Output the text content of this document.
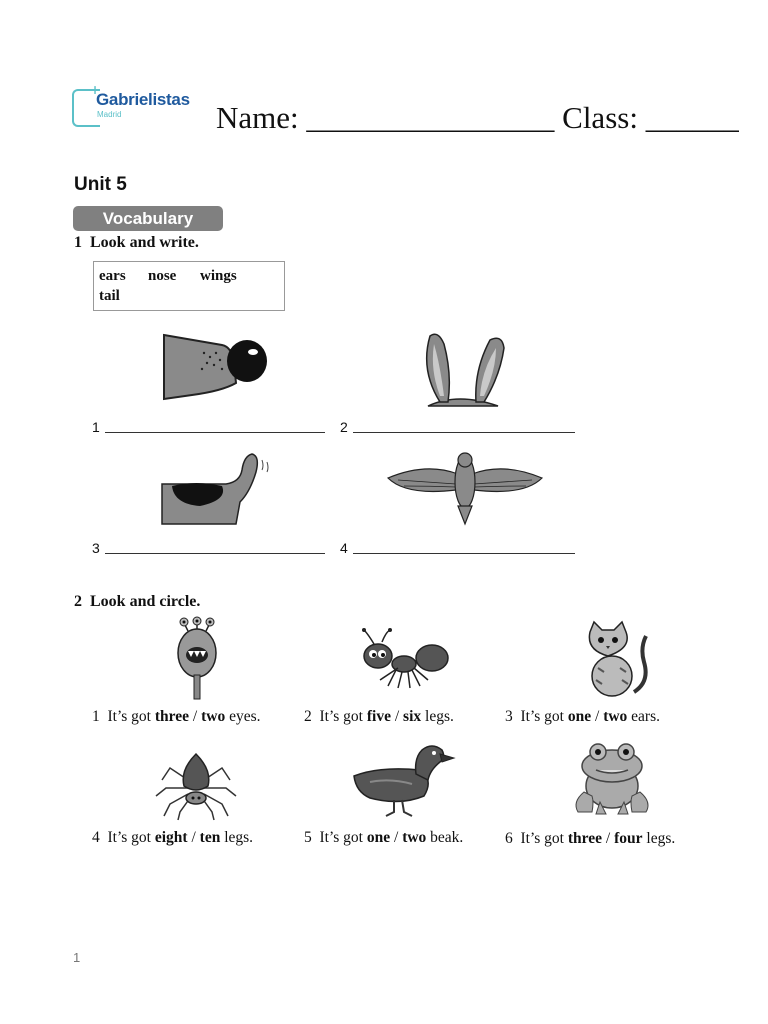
+
Gabrielistas
Madrid	Name: ________________ Class: ______
Unit 5
Vocabulary
1 Look and write.
ears nose wings
tail
1	2
3	4
2 Look and circle.
1 It’s got three / two eyes.	2 It’s got five / six legs.	3 It’s got one / two ears.
4 It’s got eight / ten legs.	5 It’s got one / two beak.	6 It’s got three / four legs.
1
